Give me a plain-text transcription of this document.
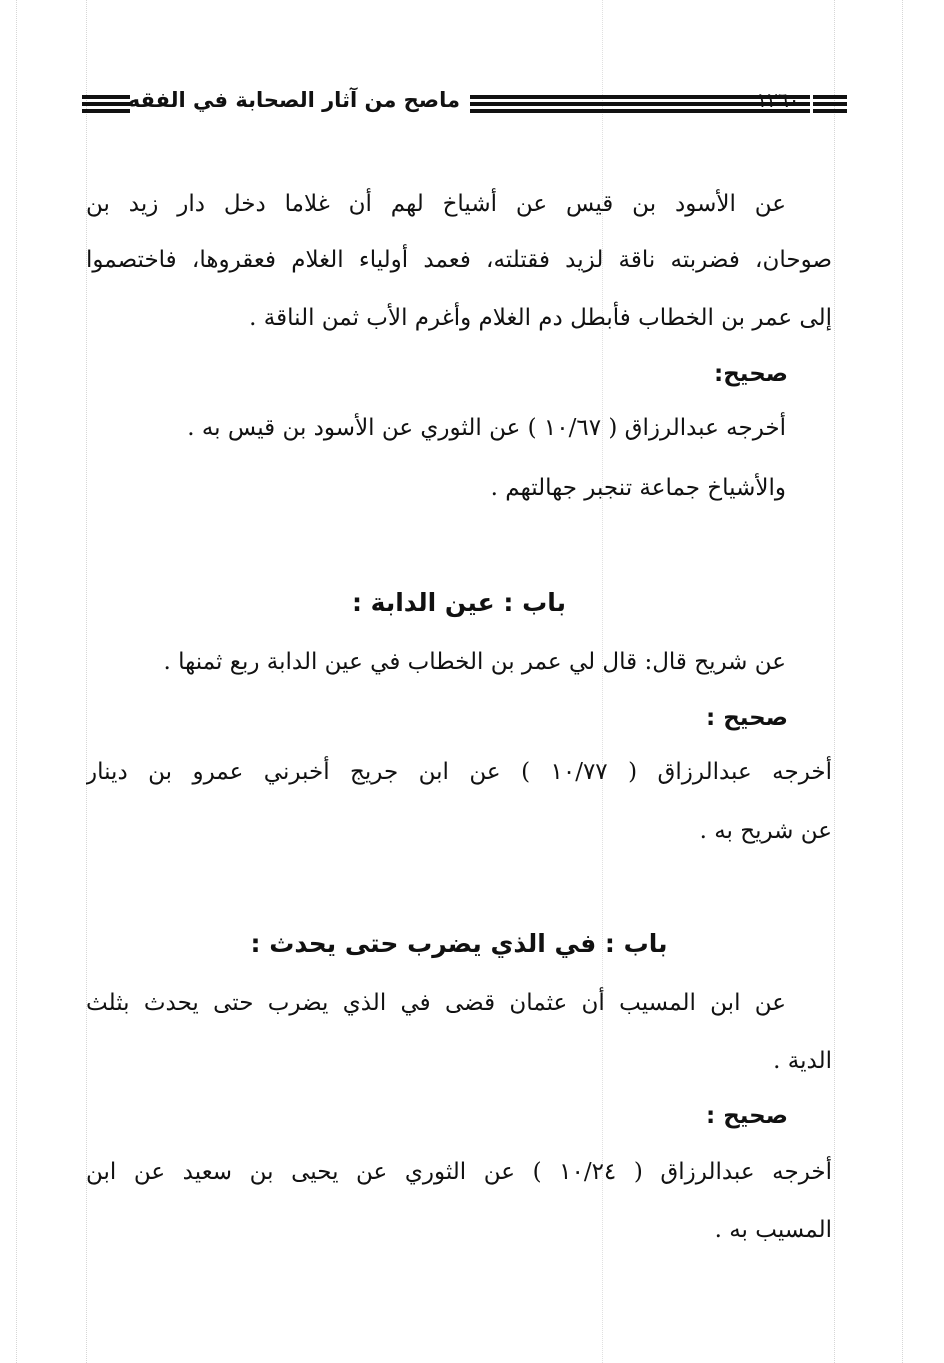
ماصح من آثار الصحابة في الفقه	١٢٦٠
عن الأسود بن قيس عن أشياخ لهم أن غلاما دخل دار زيد بن
صوحان، فضربته ناقة لزيد فقتلته، فعمد أولياء الغلام فعقروها، فاختصموا
إلى عمر بن الخطاب فأبطل دم الغلام وأغرم الأب ثمن الناقة .
صحيح:
أخرجه عبدالرزاق ( ١٠/٦٧ ) عن الثوري عن الأسود بن قيس به .
والأشياخ جماعة تنجبر جهالتهم .
باب : عين الدابة :
عن شريح قال: قال لي عمر بن الخطاب في عين الدابة ربع ثمنها .
صحيح :
أخرجه عبدالرزاق ( ١٠/٧٧ ) عن ابن جريج أخبرني عمرو بن دينار
عن شريح به .
باب : في الذي يضرب حتى يحدث :
عن ابن المسيب أن عثمان قضى في الذي يضرب حتى يحدث بثلث
الدية .
صحيح :
أخرجه عبدالرزاق ( ١٠/٢٤ ) عن الثوري عن يحيى بن سعيد عن ابن
المسيب به .
